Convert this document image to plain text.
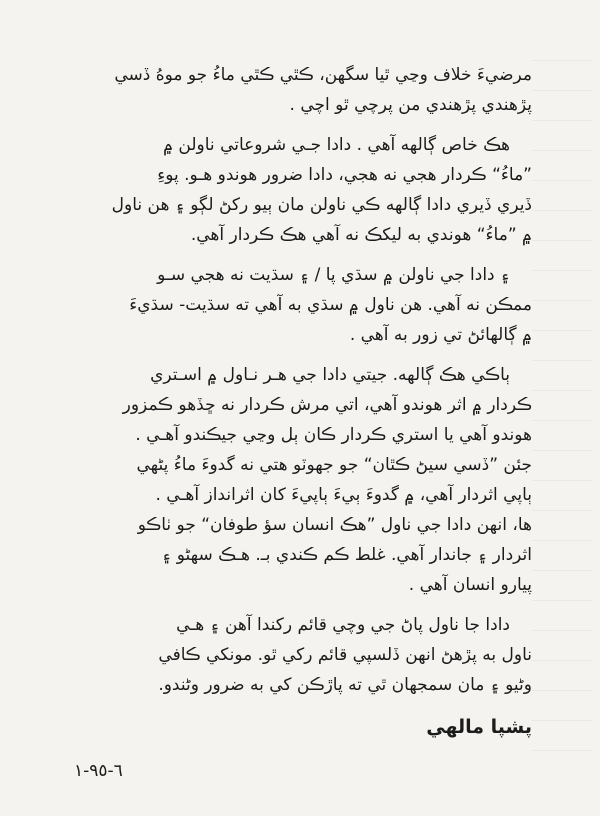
مرضيءَ خلاف وڃي ٿيا سگهن، ڪٿي ڪٿي ماءُ جو موهُ ڏسي
پڙهندي پڙهندي من پرچي ٿو اچي .
هڪ خاص ڳالهه آهي . دادا جـي شروعاتي ناولن ۾
”ماءُ“ ڪردار هجي نه هجي، دادا ضرور هوندو هـو. پوءِ
ڏيري ڏيري دادا ڳالهه ڪي ناولن مان ٻيو رکڻ لڳو ۽ هن ناول
۾ ”ماءُ“ هوندي به ليکڪ نه آهي هڪ ڪردار آهي.
۽ دادا جي ناولن ۾ سڌي پا / ۽ سڌيت نه هجي سـو
ممڪن نه آهي. هن ناول ۾ سڌي به آهي ته سڌيت- سڌيءَ
۾ ڳالهائڻ تي زور به آهي .
ٻاڪي هڪ ڳالهه. جيتي دادا جي هـر نـاول ۾ اسـتري
ڪردار ۾ اثر هوندو آهي، اتي مرش ڪردار نه ڇڏهو ڪمزور
هوندو آهي يا استري ڪردار ڪان ٻل وڃي جيڪندو آهـي .
جئن ”ڏسي سيڻ ڪٿان“ جو جهوٽو هتي نه گدوءَ ماءُ پڻهي
ٻاپي اثردار آهي، ۾ گدوءَ ٻيءَ ٻاپيءَ کان اثرانداز آهـي .
ها، انهن دادا جي ناول ”هڪ انسان سؤ طوفان“ جو ٺاڪو
اثردار ۽ جاندار آهي. غلط ڪم ڪندي بـ. هـڪ سهڻو ۽
پيارو انسان آهي .
دادا جا ناول پاڻ جي وچي قائم رکندا آهن ۽ هـي
ناول به پڙهڻ انهن ڏلسپي قائم رکي ٿو. مونکي ڪافي
وڻيو ۽ مان سمجهان ٿي ته پاڙڪن کي به ضرور وڻندو.
پشپا مالهي
۱-٦-٩٥
